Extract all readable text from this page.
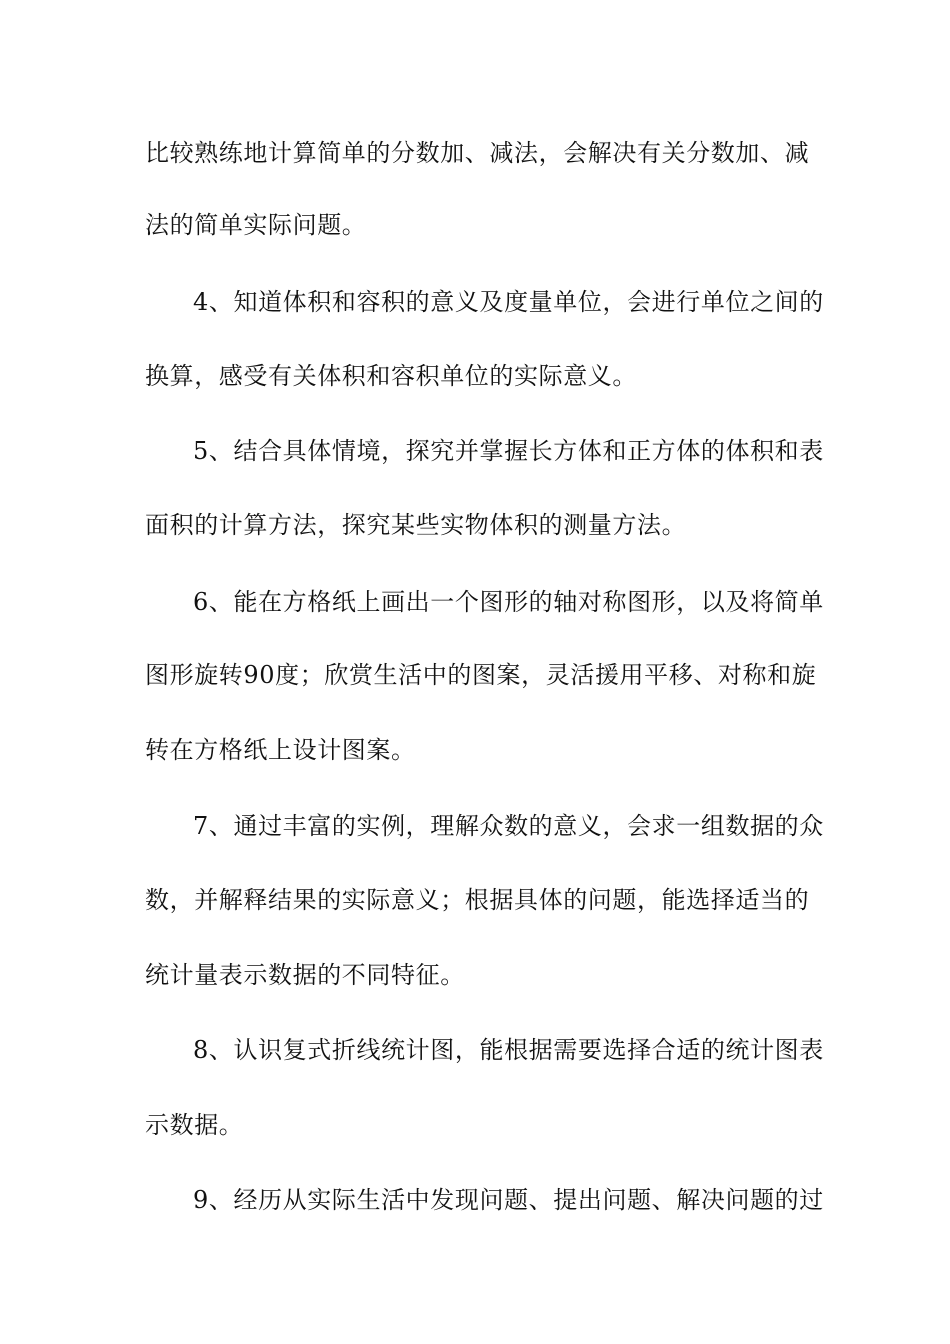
比较熟练地计算简单的分数加、减法，会解决有关分数加、减
法的简单实际问题。
4、知道体积和容积的意义及度量单位，会进行单位之间的
换算，感受有关体积和容积单位的实际意义。
5、结合具体情境，探究并掌握长方体和正方体的体积和表
面积的计算方法，探究某些实物体积的测量方法。
6、能在方格纸上画出一个图形的轴对称图形，以及将简单
图形旋转90度；欣赏生活中的图案，灵活援用平移、对称和旋
转在方格纸上设计图案。
7、通过丰富的实例，理解众数的意义，会求一组数据的众
数，并解释结果的实际意义；根据具体的问题，能选择适当的
统计量表示数据的不同特征。
8、认识复式折线统计图，能根据需要选择合适的统计图表
示数据。
9、经历从实际生活中发现问题、提出问题、解决问题的过
